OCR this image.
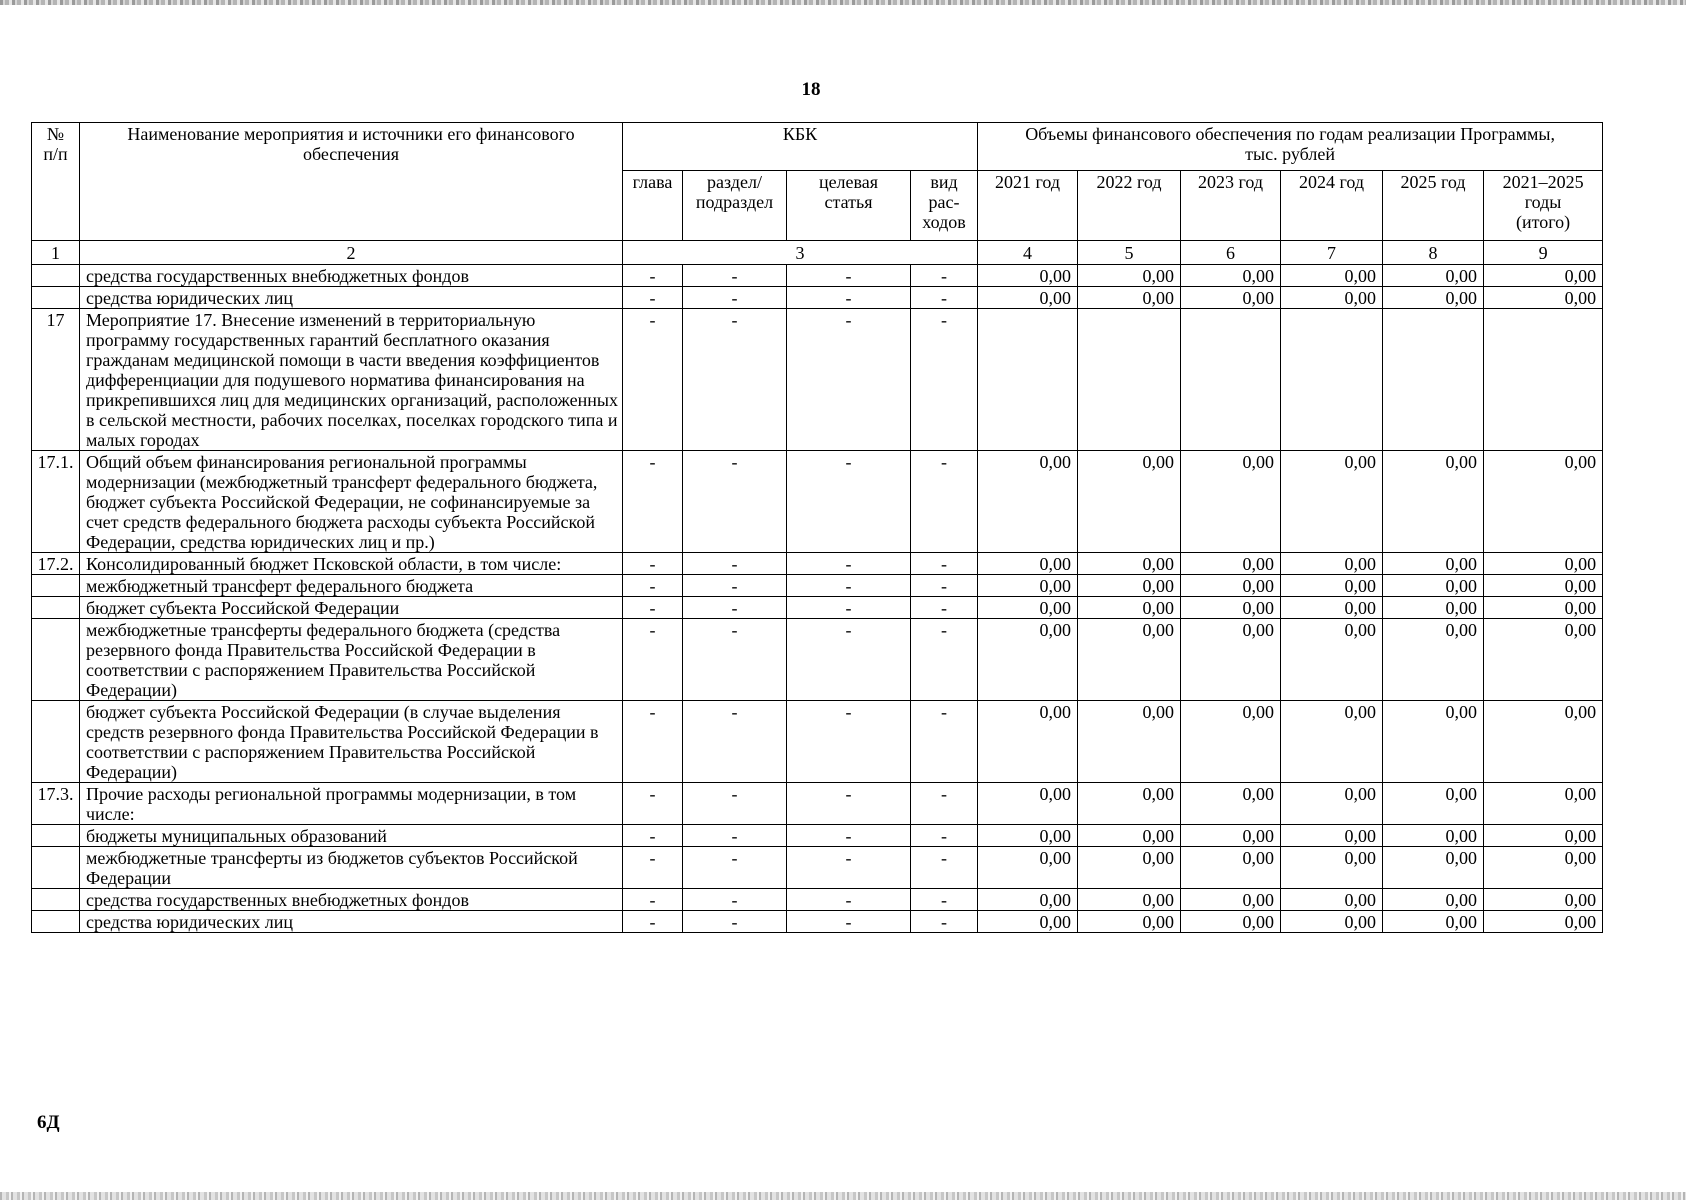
18
№
п/п	Наименование мероприятия и источники его финансового обеспечения	КБК				Объемы финансового обеспечения по годам реализации Программы, тыс. рублей					
		глава	раздел/ подраздел	целевая статья	вид рас-ходов	2021 год	2022 год	2023 год	2024 год	2025 год	2021–2025 годы (итого)
1	2	3				4	5	6	7	8	9
	средства государственных внебюджетных фондов	-	-	-	-	0,00	0,00	0,00	0,00	0,00	0,00
	средства юридических лиц	-	-	-	-	0,00	0,00	0,00	0,00	0,00	0,00
17	Мероприятие 17. Внесение изменений в территориальную программу государственных гарантий бесплатного оказания гражданам медицинской помощи в части введения коэффициентов дифференциации для подушевого норматива финансирования на прикрепившихся лиц для медицинских организаций, расположенных в сельской местности, рабочих поселках, поселках городского типа и малых городах	-	-	-	-						
17.1.	Общий объем финансирования региональной программы модернизации (межбюджетный трансферт федерального бюджета, бюджет субъекта Российской Федерации, не софинансируемые за счет средств федерального бюджета расходы субъекта Российской Федерации, средства юридических лиц и пр.)	-	-	-	-	0,00	0,00	0,00	0,00	0,00	0,00
17.2.	Консолидированный бюджет Псковской области, в том числе:	-	-	-	-	0,00	0,00	0,00	0,00	0,00	0,00
	межбюджетный трансферт федерального бюджета	-	-	-	-	0,00	0,00	0,00	0,00	0,00	0,00
	бюджет субъекта Российской Федерации	-	-	-	-	0,00	0,00	0,00	0,00	0,00	0,00
	межбюджетные трансферты федерального бюджета (средства резервного фонда Правительства Российской Федерации в соответствии с распоряжением Правительства Российской Федерации)	-	-	-	-	0,00	0,00	0,00	0,00	0,00	0,00
	бюджет субъекта Российской Федерации (в случае выделения средств резервного фонда Правительства Российской Федерации в соответствии с распоряжением Правительства Российской Федерации)	-	-	-	-	0,00	0,00	0,00	0,00	0,00	0,00
17.3.	Прочие расходы региональной программы модернизации, в том числе:	-	-	-	-	0,00	0,00	0,00	0,00	0,00	0,00
	бюджеты муниципальных образований	-	-	-	-	0,00	0,00	0,00	0,00	0,00	0,00
	межбюджетные трансферты из бюджетов субъектов Российской Федерации	-	-	-	-	0,00	0,00	0,00	0,00	0,00	0,00
	средства государственных внебюджетных фондов	-	-	-	-	0,00	0,00	0,00	0,00	0,00	0,00
	средства юридических лиц	-	-	-	-	0,00	0,00	0,00	0,00	0,00	0,00
6Д
